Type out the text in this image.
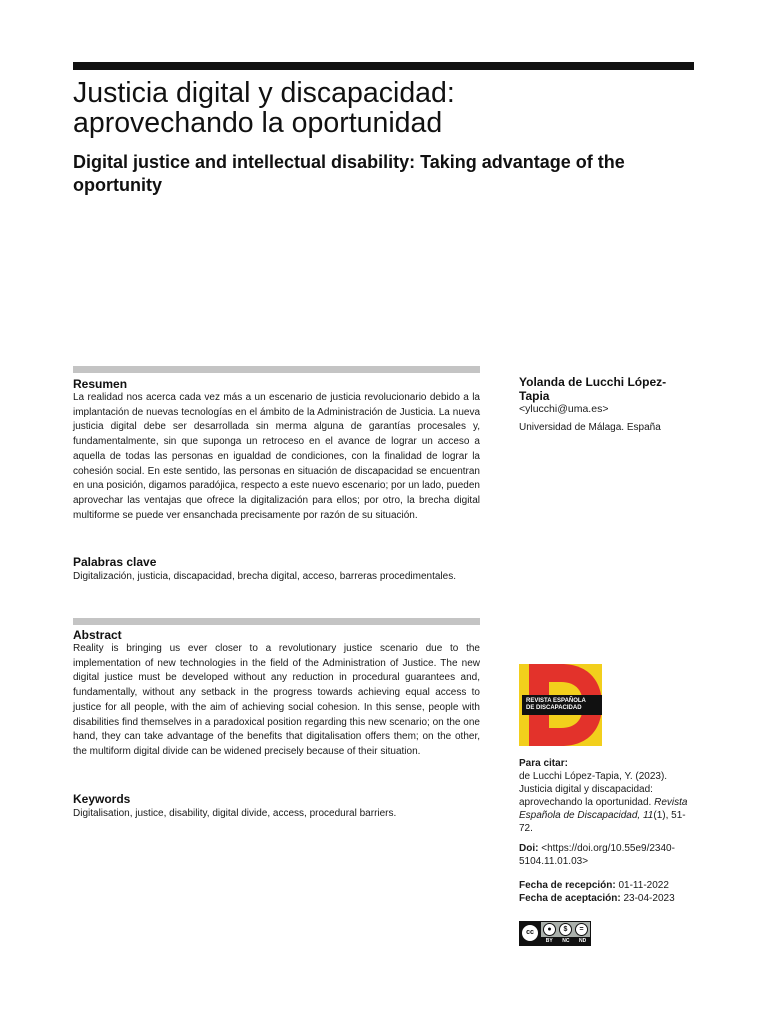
Justicia digital y discapacidad:
aprovechando la oportunidad
Digital justice and intellectual disability: Taking advantage of the oportunity
Resumen

La realidad nos acerca cada vez más a un escenario de justicia revolucionario debido a la implantación de nuevas tecnologías en el ámbito de la Administración de Justicia. La nueva justicia digital debe ser desarrollada sin merma alguna de garantías procesales y, fundamentalmente, sin que suponga un retroceso en el avance de lograr un acceso a aquella de todas las personas en igualdad de condiciones, con la finalidad de lograr la cohesión social. En este sentido, las personas en situación de discapacidad se encuentran en una posición, digamos paradójica, respecto a este nuevo escenario; por un lado, pueden aprovechar las ventajas que ofrece la digitalización para ellos; por otro, la brecha digital multiforme se puede ver ensanchada precisamente por razón de su situación.

Palabras clave

Digitalización, justicia, discapacidad, brecha digital, acceso, barreras procedimentales.

Abstract

Reality is bringing us ever closer to a revolutionary justice scenario due to the implementation of new technologies in the field of the Administration of Justice. The new digital justice must be developed without any reduction in procedural guarantees and, fundamentally, without any setback in the progress towards achieving equal access to justice for all people, with the aim of achieving social cohesion. In this sense, people with disabilities find themselves in a paradoxical position regarding this new scenario; on the one hand, they can take advantage of the benefits that digitalisation offers them; on the other, the multiform digital divide can be widened precisely because of their situation.

Keywords

Digitalisation, justice, disability, digital divide, access, procedural barriers.

Yolanda de Lucchi López-Tapia
<ylucchi@uma.es>
Universidad de Málaga. España
REVISTA ESPAÑOLA
DE DISCAPACIDAD
Para citar:
de Lucchi López-Tapia, Y. (2023). Justicia digital y discapacidad: aprovechando la oportunidad. Revista Española de Discapacidad, 11(1), 51-72.
Doi: <https://doi.org/10.55e9/2340-5104.11.01.03>
Fecha de recepción: 01-11-2022
Fecha de aceptación: 23-04-2023
cc	●	$	=
BY NC ND
